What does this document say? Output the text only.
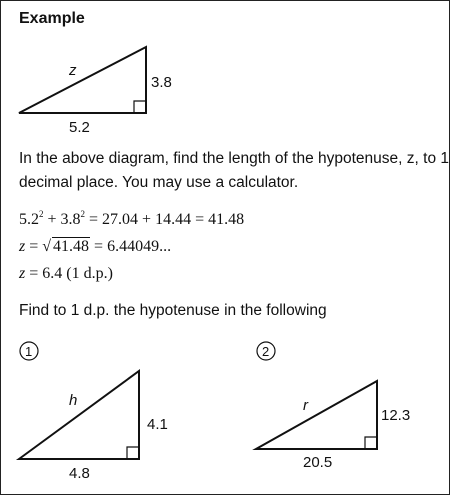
z
3.8
5.2
1
h
4.1
4.8
2
r
12.3
20.5
Example
In the above diagram, find the length of the hypotenuse, z, to 1
decimal place. You may use a calculator.
$5.2^2 + 3.8^2 = 27.04 + 14.44 = 41.48$
z = √ 41.48 = 6.44049...
z = 6.4 (1 d.p.)
Find to 1 d.p. the hypotenuse in the following
